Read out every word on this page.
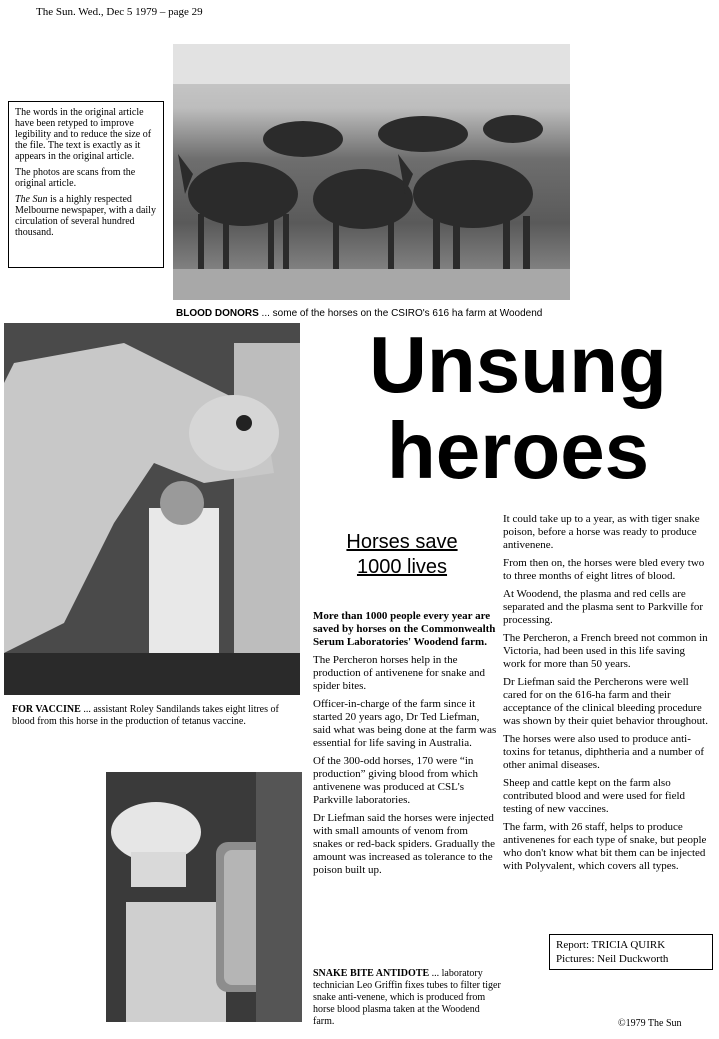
The Sun. Wed., Dec 5 1979 – page 29

The words in the original article have been retyped to improve legibility and to reduce the size of the file. The text is exactly as it appears in the original article.

The photos are scans from the original article.

The Sun is a highly respected Melbourne newspaper, with a daily circulation of several hundred thousand.

BLOOD DONORS ... some of the horses on the CSIRO's 616 ha farm at Woodend
FOR VACCINE ... assistant Roley Sandilands takes eight litres of blood from this horse in the production of tetanus vaccine.
SNAKE BITE ANTIDOTE ... laboratory technician Leo Griffin fixes tubes to filter tiger snake anti-venene, which is produced from horse blood plasma taken at the Woodend farm.
Unsung
heroes
Horses save
1000 lives

More than 1000 people every year are saved by horses on the Commonwealth Serum Laboratories' Woodend farm.

The Percheron horses help in the production of antivenene for snake and spider bites.

Officer-in-charge of the farm since it started 20 years ago, Dr Ted Liefman, said what was being done at the farm was essential for life saving in Australia.

Of the 300-odd horses, 170 were “in production” giving blood from which antivenene was produced at CSL's Parkville laboratories.

Dr Liefman said the horses were injected with small amounts of venom from snakes or red-back spiders. Gradually the amount was increased as tolerance to the poison built up.

It could take up to a year, as with tiger snake poison, before a horse was ready to produce antivenene.

From then on, the horses were bled every two to three months of eight litres of blood.

At Woodend, the plasma and red cells are separated and the plasma sent to Parkville for processing.

The Percheron, a French breed not common in Victoria, had been used in this life saving work for more than 50 years.

Dr Liefman said the Percherons were well cared for on the 616-ha farm and their acceptance of the clinical bleeding procedure was shown by their quiet behavior throughout.

The horses were also used to produce anti-toxins for tetanus, diphtheria and a number of other animal diseases.

Sheep and cattle kept on the farm also contributed blood and were used for field testing of new vaccines.

The farm, with 26 staff, helps to produce antivenenes for each type of snake, but people who don't know what bit them can be injected with Polyvalent, which covers all types.

Report: TRICIA QUIRK
Pictures: Neil Duckworth
©1979 The Sun
